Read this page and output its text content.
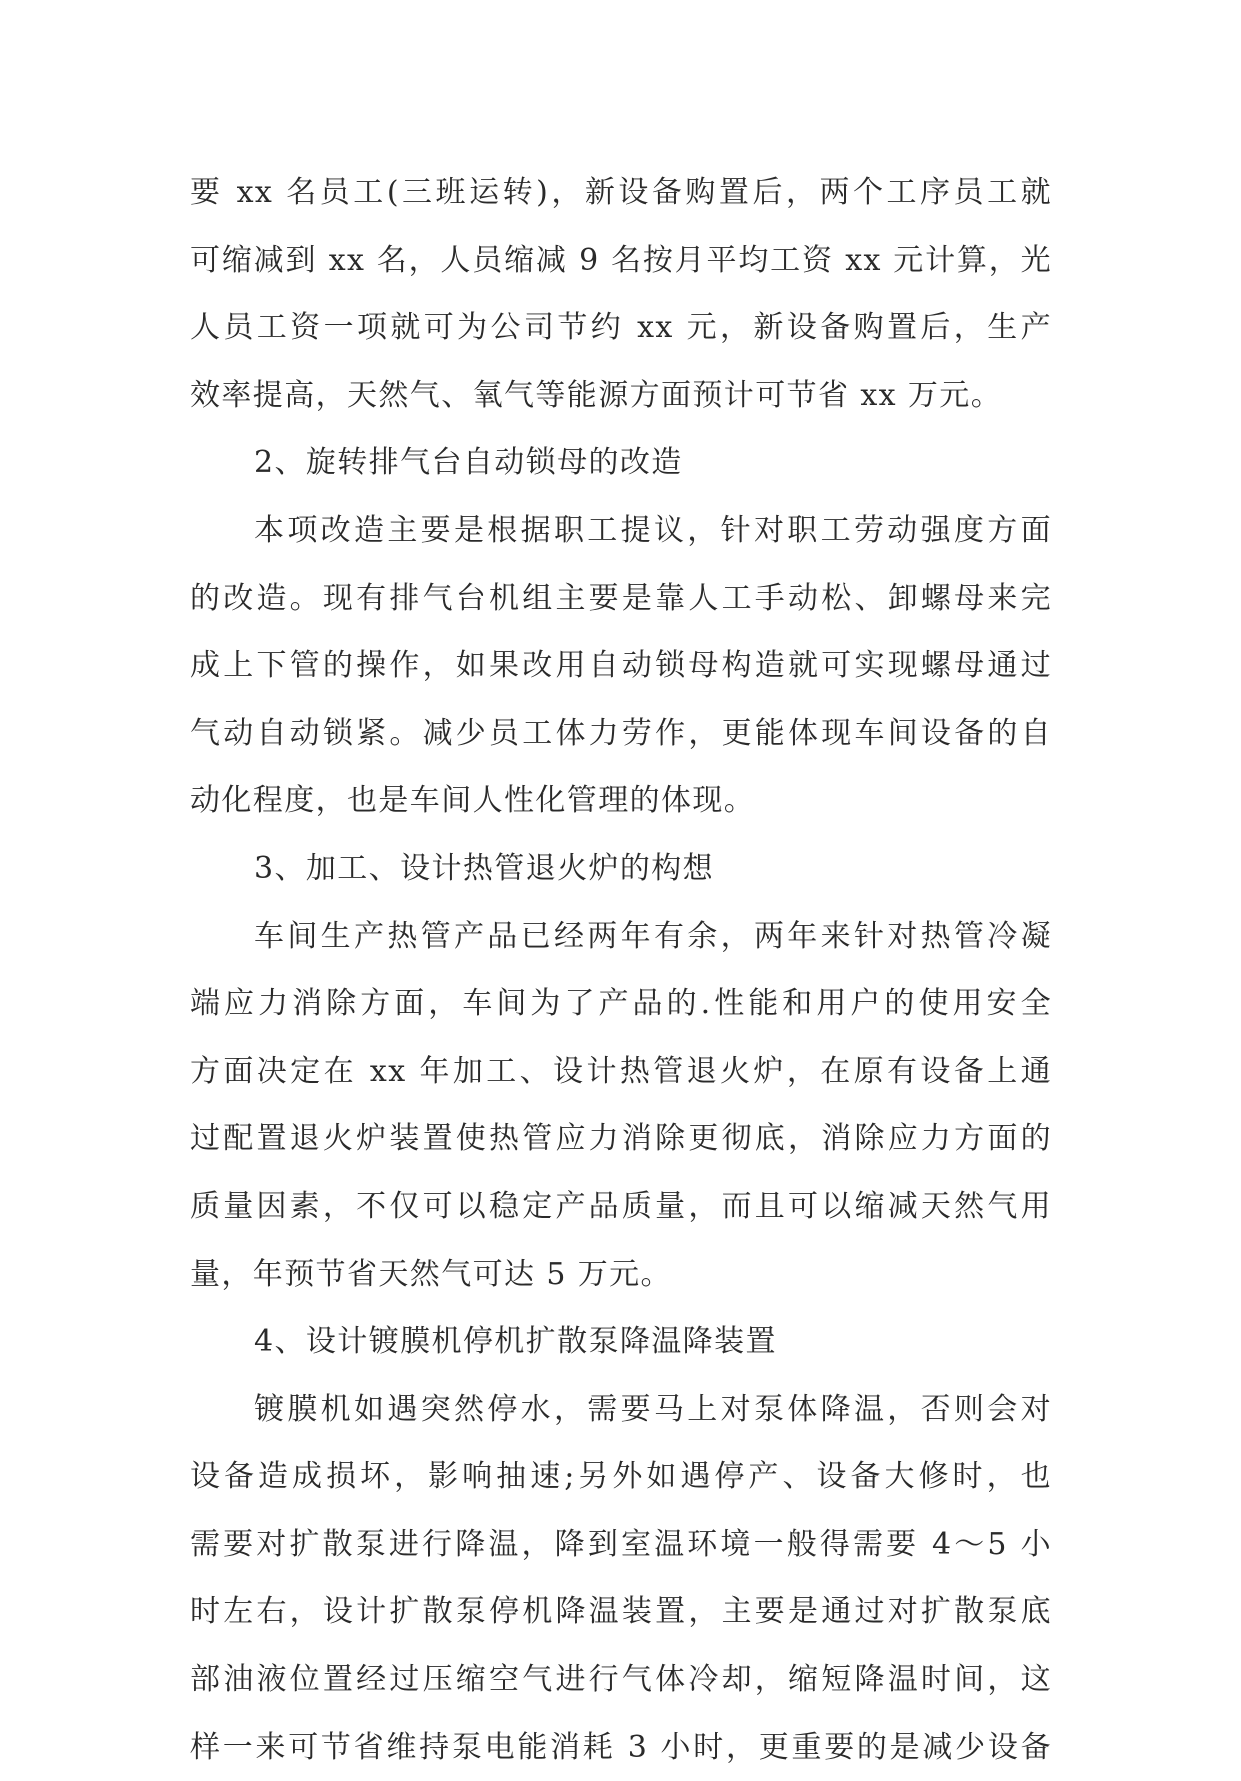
要 xx 名员工(三班运转)，新设备购置后，两个工序员工就
可缩减到 xx 名，人员缩减 9 名按月平均工资 xx 元计算，光
人员工资一项就可为公司节约 xx 元，新设备购置后，生产
效率提高，天然气、氧气等能源方面预计可节省 xx 万元。
2、旋转排气台自动锁母的改造
本项改造主要是根据职工提议，针对职工劳动强度方面
的改造。现有排气台机组主要是靠人工手动松、卸螺母来完
成上下管的操作，如果改用自动锁母构造就可实现螺母通过
气动自动锁紧。减少员工体力劳作，更能体现车间设备的自
动化程度，也是车间人性化管理的体现。
3、加工、设计热管退火炉的构想
车间生产热管产品已经两年有余，两年来针对热管冷凝
端应力消除方面，车间为了产品的.性能和用户的使用安全
方面决定在 xx 年加工、设计热管退火炉，在原有设备上通
过配置退火炉装置使热管应力消除更彻底，消除应力方面的
质量因素，不仅可以稳定产品质量，而且可以缩减天然气用
量，年预节省天然气可达 5 万元。
4、设计镀膜机停机扩散泵降温降装置
镀膜机如遇突然停水，需要马上对泵体降温，否则会对
设备造成损坏，影响抽速;另外如遇停产、设备大修时，也
需要对扩散泵进行降温，降到室温环境一般得需要 4～5 小
时左右，设计扩散泵停机降温装置，主要是通过对扩散泵底
部油液位置经过压缩空气进行气体冷却，缩短降温时间，这
样一来可节省维持泵电能消耗 3 小时，更重要的是减少设备
